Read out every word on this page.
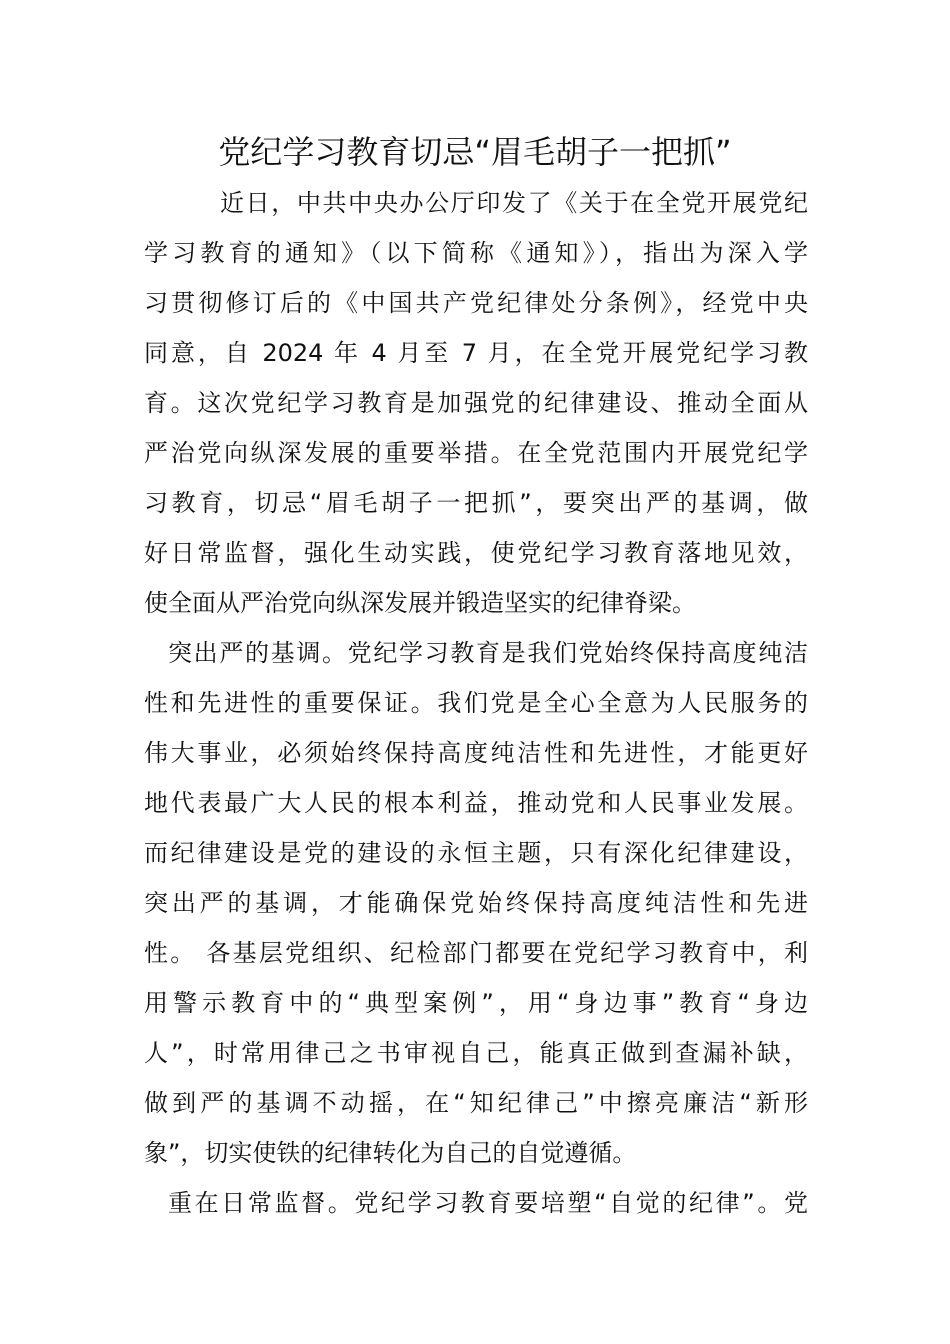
党纪学习教育切忌“眉毛胡子一把抓”
近日，中共中央办公厅印发了《关于在全党开展党纪
学习教育的通知》（以下简称《通知》），指出为深入学
习贯彻修订后的《中国共产党纪律处分条例》，经党中央
同意，自 2024 年 4 月至 7 月，在全党开展党纪学习教
育。这次党纪学习教育是加强党的纪律建设、推动全面从
严治党向纵深发展的重要举措。在全党范围内开展党纪学
习教育，切忌“眉毛胡子一把抓”，要突出严的基调，做
好日常监督，强化生动实践，使党纪学习教育落地见效，
使全面从严治党向纵深发展并锻造坚实的纪律脊梁。
突出严的基调。党纪学习教育是我们党始终保持高度纯洁
性和先进性的重要保证。我们党是全心全意为人民服务的
伟大事业，必须始终保持高度纯洁性和先进性，才能更好
地代表最广大人民的根本利益，推动党和人民事业发展。
而纪律建设是党的建设的永恒主题，只有深化纪律建设，
突出严的基调，才能确保党始终保持高度纯洁性和先进
性。 各基层党组织、纪检部门都要在党纪学习教育中，利
用警示教育中的“典型案例”，用“身边事”教育“身边
人”，时常用律己之书审视自己，能真正做到查漏补缺，
做到严的基调不动摇，在“知纪律己”中擦亮廉洁“新形
象”，切实使铁的纪律转化为自己的自觉遵循。
重在日常监督。党纪学习教育要培塑“自觉的纪律”。党
